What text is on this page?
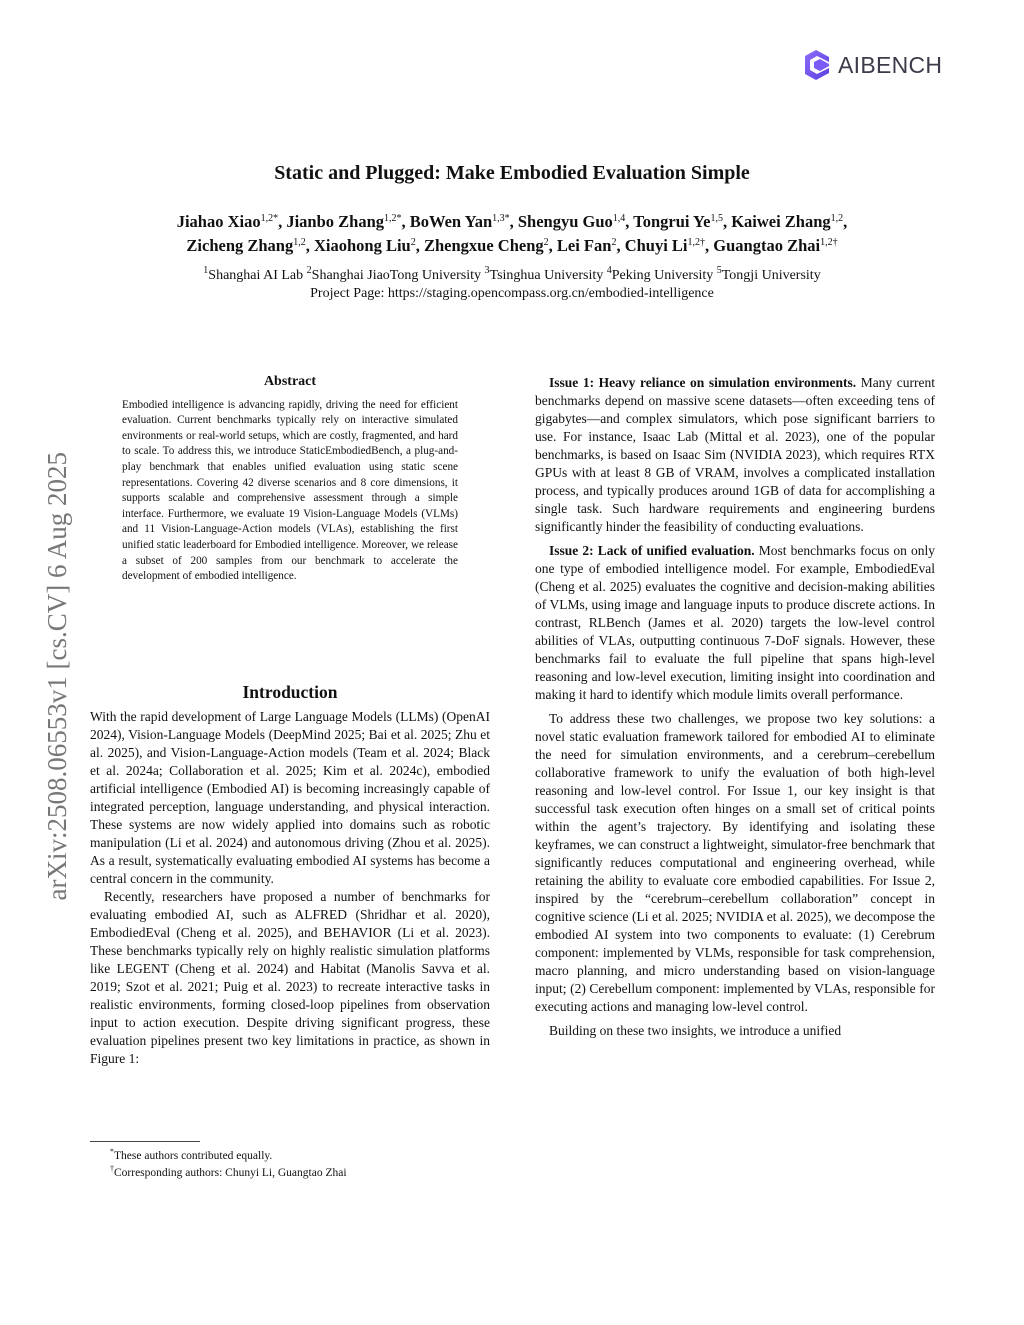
AIBENCH
Static and Plugged: Make Embodied Evaluation Simple
Jiahao Xiao$^{1,2*}$, Jianbo Zhang$^{1,2*}$, BoWen Yan$^{1,3*}$, Shengyu Guo$^{1,4}$, Tongrui Ye$^{1,5}$, Kaiwei Zhang$^{1,2}$,
Zicheng Zhang$^{1,2}$, Xiaohong Liu$^2$, Zhengxue Cheng$^2$, Lei Fan$^2$, Chuyi $Li^{1,2\dagger}$, Guangtao Zhai$^{1,2\dagger}$
$^1$Shanghai AI Lab $^2$Shanghai JiaoTong University $^3$Tsinghua University $^4$Peking University $^5$Tongji University
Project Page: https://staging.opencompass.org.cn/embodied-intelligence
arXiv:2508.06553v1 [cs.CV] 6 Aug 2025
Abstract

Embodied intelligence is advancing rapidly, driving the need for efficient evaluation. Current benchmarks typically rely on interactive simulated environments or real-world setups, which are costly, fragmented, and hard to scale. To address this, we introduce StaticEmbodiedBench, a plug-and-play benchmark that enables unified evaluation using static scene representations. Covering 42 diverse scenarios and 8 core dimensions, it supports scalable and comprehensive assessment through a simple interface. Furthermore, we evaluate 19 Vision-Language Models (VLMs) and 11 Vision-Language-Action models (VLAs), establishing the first unified static leaderboard for Embodied intelligence. Moreover, we release a subset of 200 samples from our benchmark to accelerate the development of embodied intelligence.

Introduction

With the rapid development of Large Language Models (LLMs) (OpenAI 2024), Vision-Language Models (DeepMind 2025; Bai et al. 2025; Zhu et al. 2025), and Vision-Language-Action models (Team et al. 2024; Black et al. 2024a; Collaboration et al. 2025; Kim et al. 2024c), embodied artificial intelligence (Embodied AI) is becoming increasingly capable of integrated perception, language understanding, and physical interaction. These systems are now widely applied into domains such as robotic manipulation (Li et al. 2024) and autonomous driving (Zhou et al. 2025). As a result, systematically evaluating embodied AI systems has become a central concern in the community.

Recently, researchers have proposed a number of benchmarks for evaluating embodied AI, such as ALFRED (Shridhar et al. 2020), EmbodiedEval (Cheng et al. 2025), and BEHAVIOR (Li et al. 2023). These benchmarks typically rely on highly realistic simulation platforms like LEGENT (Cheng et al. 2024) and Habitat (Manolis Savva et al. 2019; Szot et al. 2021; Puig et al. 2023) to recreate interactive tasks in realistic environments, forming closed-loop pipelines from observation input to action execution. Despite driving significant progress, these evaluation pipelines present two key limitations in practice, as shown in Figure 1:

*These authors contributed equally.
†Corresponding authors: Chunyi Li, Guangtao Zhai

Issue 1: Heavy reliance on simulation environments. Many current benchmarks depend on massive scene datasets—often exceeding tens of gigabytes—and complex simulators, which pose significant barriers to use. For instance, Isaac Lab (Mittal et al. 2023), one of the popular benchmarks, is based on Isaac Sim (NVIDIA 2023), which requires RTX GPUs with at least 8 GB of VRAM, involves a complicated installation process, and typically produces around 1GB of data for accomplishing a single task. Such hardware requirements and engineering burdens significantly hinder the feasibility of conducting evaluations.

Issue 2: Lack of unified evaluation. Most benchmarks focus on only one type of embodied intelligence model. For example, EmbodiedEval (Cheng et al. 2025) evaluates the cognitive and decision-making abilities of VLMs, using image and language inputs to produce discrete actions. In contrast, RLBench (James et al. 2020) targets the low-level control abilities of VLAs, outputting continuous 7-DoF signals. However, these benchmarks fail to evaluate the full pipeline that spans high-level reasoning and low-level execution, limiting insight into coordination and making it hard to identify which module limits overall performance.

To address these two challenges, we propose two key solutions: a novel static evaluation framework tailored for embodied AI to eliminate the need for simulation environments, and a cerebrum–cerebellum collaborative framework to unify the evaluation of both high-level reasoning and low-level control. For Issue 1, our key insight is that successful task execution often hinges on a small set of critical points within the agent’s trajectory. By identifying and isolating these keyframes, we can construct a lightweight, simulator-free benchmark that significantly reduces computational and engineering overhead, while retaining the ability to evaluate core embodied capabilities. For Issue 2, inspired by the “cerebrum–cerebellum collaboration” concept in cognitive science (Li et al. 2025; NVIDIA et al. 2025), we decompose the embodied AI system into two components to evaluate: (1) Cerebrum component: implemented by VLMs, responsible for task comprehension, macro planning, and micro understanding based on vision-language input; (2) Cerebellum component: implemented by VLAs, responsible for executing actions and managing low-level control.

Building on these two insights, we introduce a unified
